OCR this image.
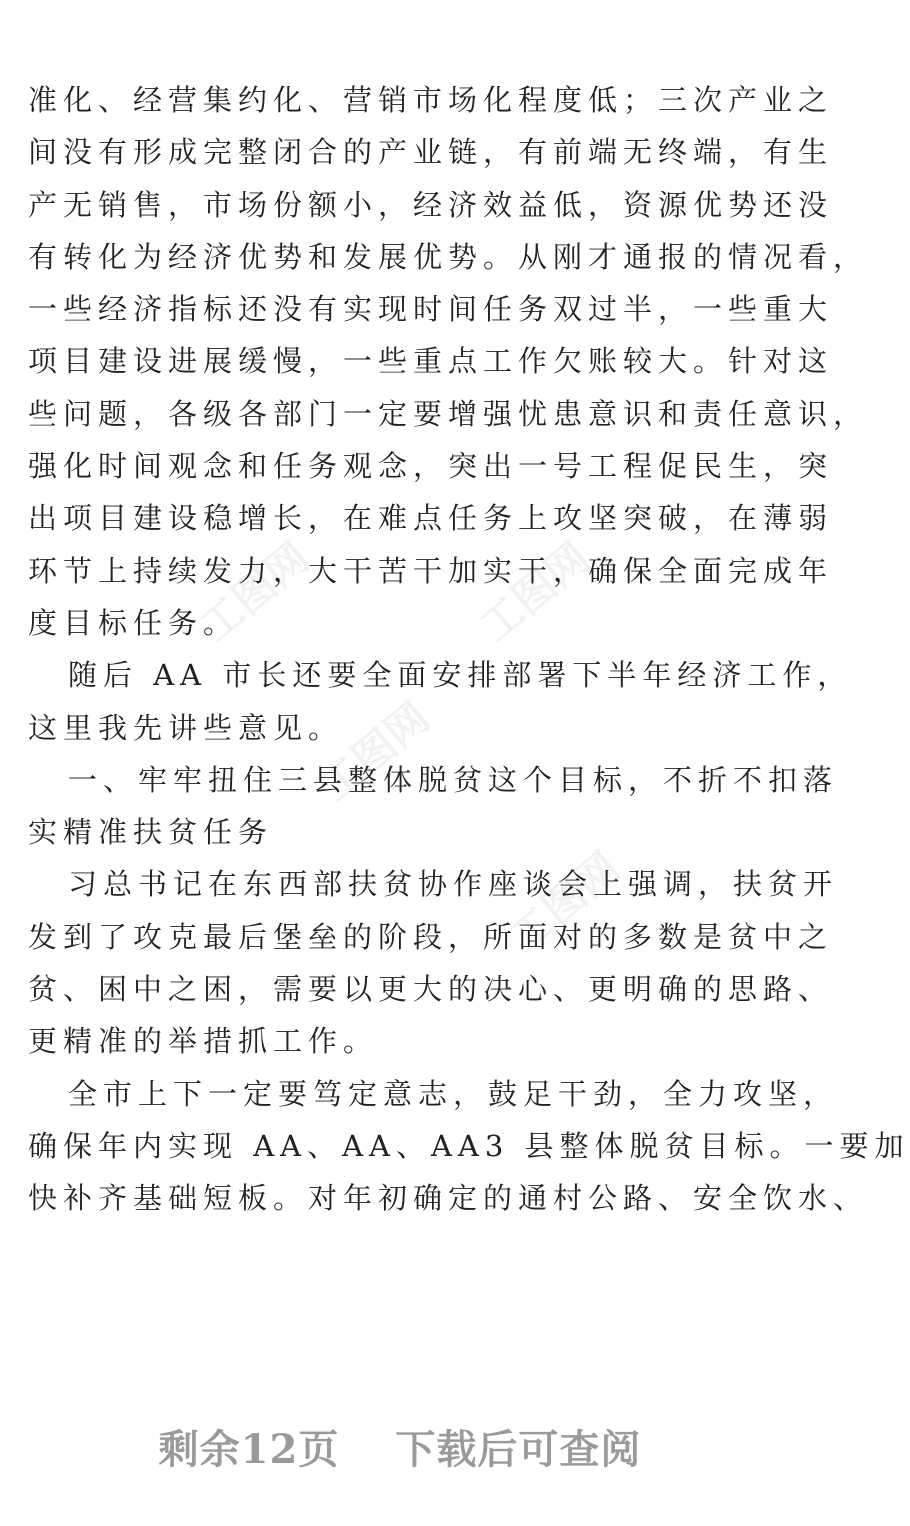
工图网	工图网
工图网
工图网
准化、经营集约化、营销市场化程度低；三次产业之
间没有形成完整闭合的产业链，有前端无终端，有生
产无销售，市场份额小，经济效益低，资源优势还没
有转化为经济优势和发展优势。从刚才通报的情况看，
一些经济指标还没有实现时间任务双过半，一些重大
项目建设进展缓慢，一些重点工作欠账较大。针对这
些问题，各级各部门一定要增强忧患意识和责任意识，
强化时间观念和任务观念，突出一号工程促民生，突
出项目建设稳增长，在难点任务上攻坚突破，在薄弱
环节上持续发力，大干苦干加实干，确保全面完成年
度目标任务。
随后 AA 市长还要全面安排部署下半年经济工作，
这里我先讲些意见。
一、牢牢扭住三县整体脱贫这个目标，不折不扣落
实精准扶贫任务
习总书记在东西部扶贫协作座谈会上强调，扶贫开
发到了攻克最后堡垒的阶段，所面对的多数是贫中之
贫、困中之困，需要以更大的决心、更明确的思路、
更精准的举措抓工作。
全市上下一定要笃定意志，鼓足干劲，全力攻坚，
确保年内实现 AA、AA、AA3 县整体脱贫目标。一要加
快补齐基础短板。对年初确定的通村公路、安全饮水、
剩余12页 下载后可查阅
